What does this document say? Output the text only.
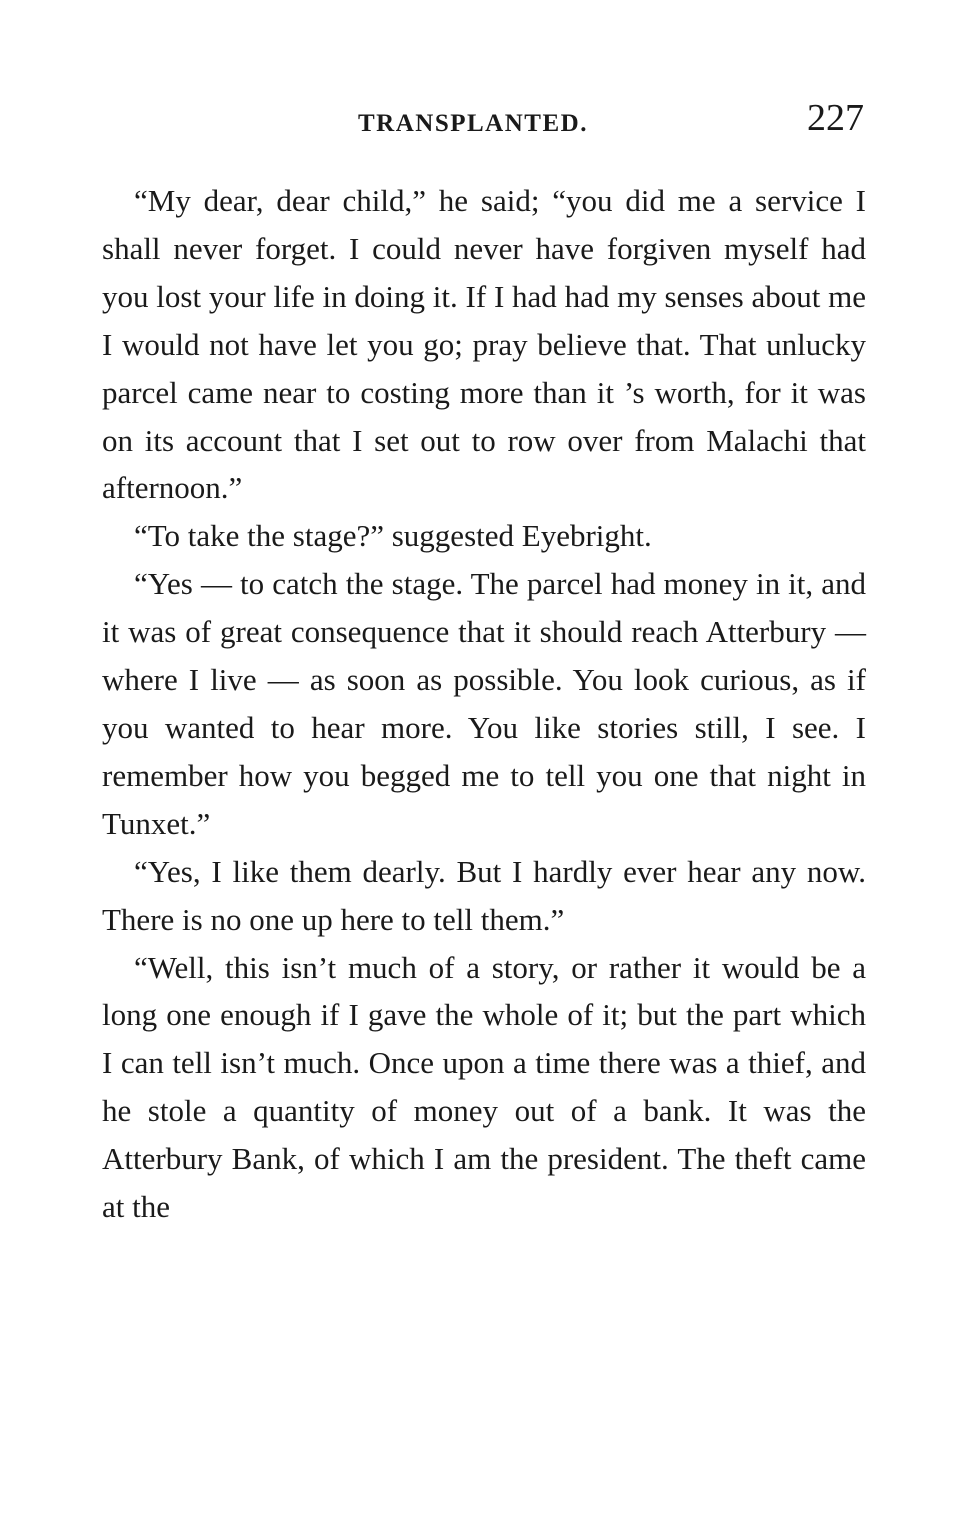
TRANSPLANTED.	227

“My dear, dear child,” he said; “you did me a service I shall never forget. I could never have forgiven myself had you lost your life in doing it. If I had had my senses about me I would not have let you go; pray believe that. That unlucky parcel came near to costing more than it ’s worth, for it was on its account that I set out to row over from Malachi that afternoon.”

“To take the stage?” suggested Eyebright.

“Yes — to catch the stage. The parcel had money in it, and it was of great consequence that it should reach Atterbury — where I live — as soon as possible. You look curious, as if you wanted to hear more. You like stories still, I see. I remember how you begged me to tell you one that night in Tunxet.”

“Yes, I like them dearly. But I hardly ever hear any now. There is no one up here to tell them.”

“Well, this isn’t much of a story, or rather it would be a long one enough if I gave the whole of it; but the part which I can tell isn’t much. Once upon a time there was a thief, and he stole a quantity of money out of a bank. It was the Atterbury Bank, of which I am the president. The theft came at the
